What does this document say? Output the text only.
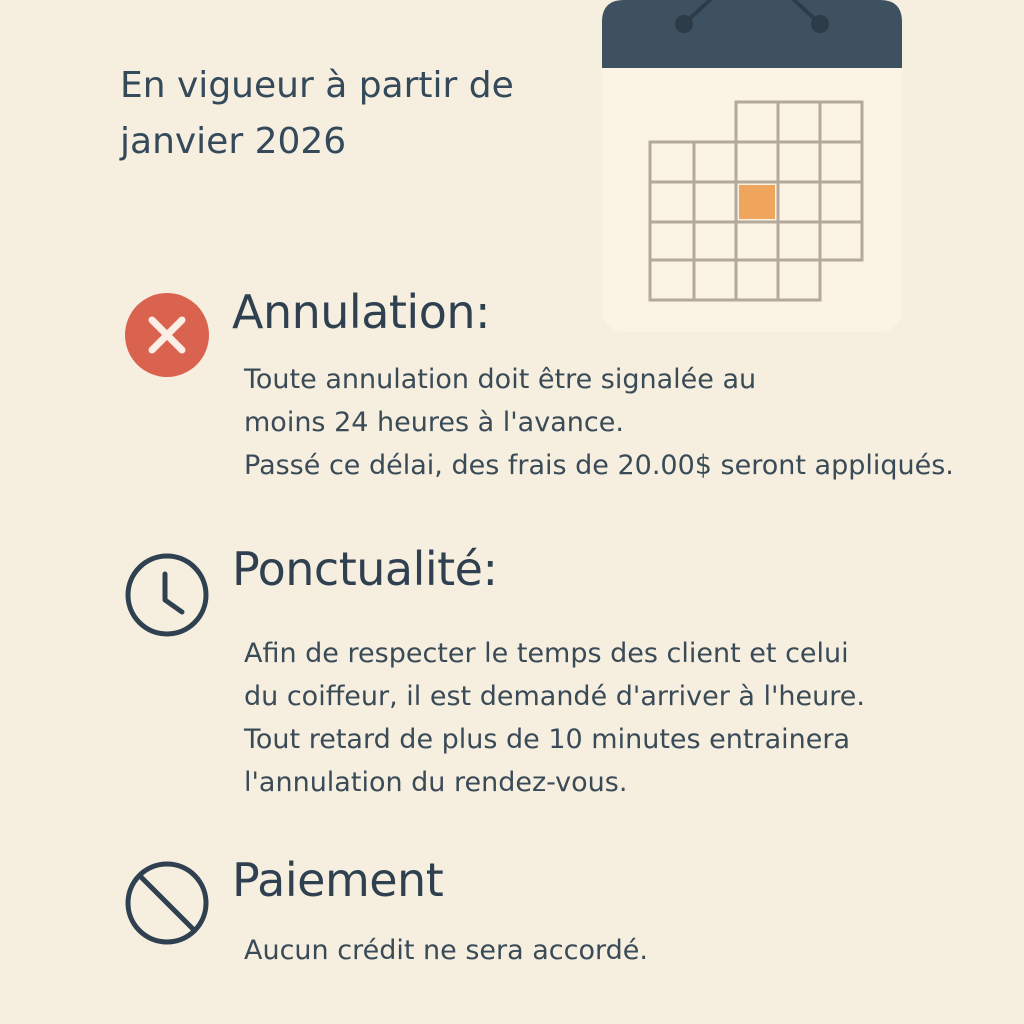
En vigueur à partir de
janvier 2026
Annulation:
Toute annulation doit être signalée au
moins 24 heures à l'avance.
Passé ce délai, des frais de 20.00$ seront appliqués.
Ponctualité:
Afin de respecter le temps des client et celui
du coiffeur, il est demandé d'arriver à l'heure.
Tout retard de plus de 10 minutes entrainera
l'annulation du rendez-vous.
Paiement
Aucun crédit ne sera accordé.
